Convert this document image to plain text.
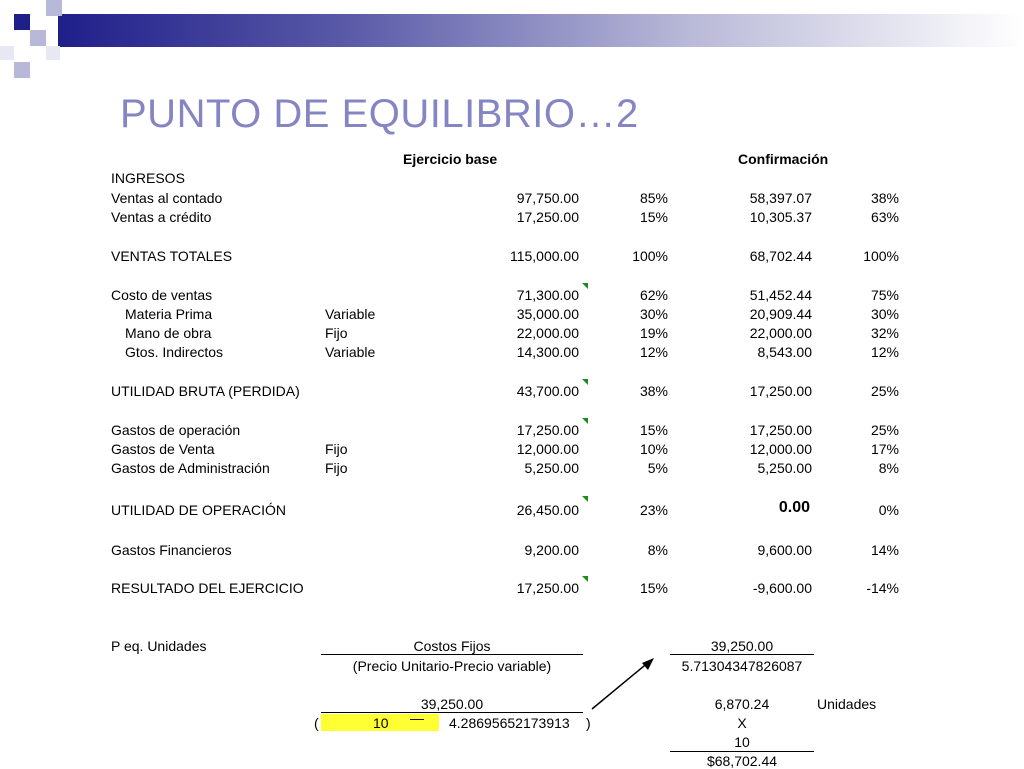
PUNTO DE EQUILIBRIO…2
Ejercicio base	Confirmación
INGRESOS
Ventas al contado	97,750.00	85%	58,397.07	38%
Ventas a crédito	17,250.00	15%	10,305.37	63%
VENTAS TOTALES	115,000.00	100%	68,702.44	100%
Costo de ventas	71,300.00	62%	51,452.44	75%
Materia Prima	Variable	35,000.00	30%	20,909.44	30%
Mano de obra	Fijo	22,000.00	19%	22,000.00	32%
Gtos. Indirectos	Variable	14,300.00	12%	8,543.00	12%
UTILIDAD BRUTA (PERDIDA)	43,700.00	38%	17,250.00	25%
Gastos de operación	17,250.00	15%	17,250.00	25%
Gastos de Venta	Fijo	12,000.00	10%	12,000.00	17%
Gastos de Administración	Fijo	5,250.00	5%	5,250.00	8%
UTILIDAD DE OPERACIÓN	26,450.00	23%	0.00	0%
Gastos Financieros	9,200.00	8%	9,600.00	14%
RESULTADO DEL EJERCICIO	17,250.00	15%	-9,600.00	-14%
P eq. Unidades	Costos Fijos
(Precio Unitario-Precio variable)
39,250.00
5.71304347826087
39,250.00
(	10 — 4.28695652173913 )
6,870.24	Unidades
X
10
$68,702.44
